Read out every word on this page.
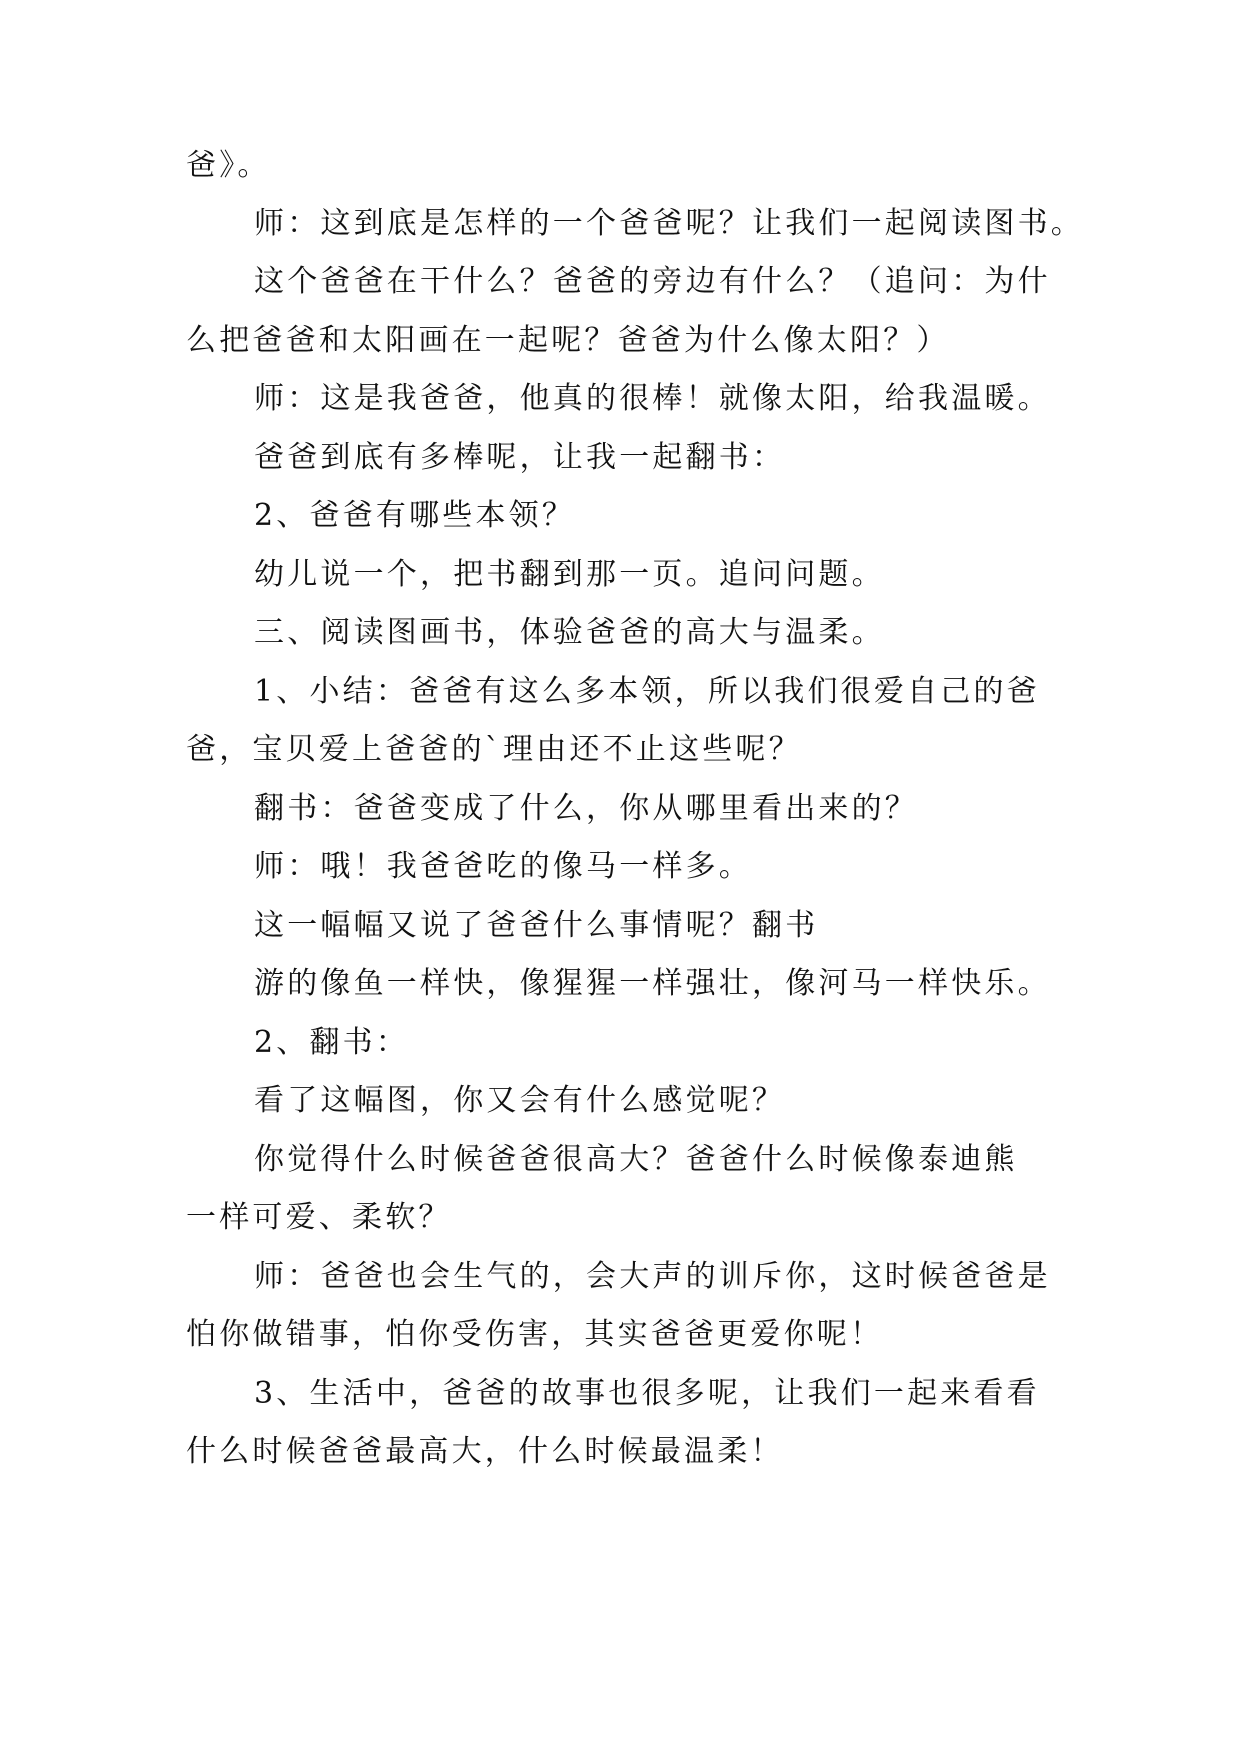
爸》。
师：这到底是怎样的一个爸爸呢？让我们一起阅读图书。
这个爸爸在干什么？爸爸的旁边有什么？（追问：为什
么把爸爸和太阳画在一起呢？爸爸为什么像太阳？）
师：这是我爸爸，他真的很棒！就像太阳，给我温暖。
爸爸到底有多棒呢，让我一起翻书：
2、爸爸有哪些本领？
幼儿说一个，把书翻到那一页。追问问题。
三、阅读图画书，体验爸爸的高大与温柔。
1、小结：爸爸有这么多本领，所以我们很爱自己的爸
爸，宝贝爱上爸爸的`理由还不止这些呢？
翻书：爸爸变成了什么，你从哪里看出来的？
师：哦！我爸爸吃的像马一样多。
这一幅幅又说了爸爸什么事情呢？翻书
游的像鱼一样快，像猩猩一样强壮，像河马一样快乐。
2、翻书：
看了这幅图，你又会有什么感觉呢？
你觉得什么时候爸爸很高大？爸爸什么时候像泰迪熊
一样可爱、柔软？
师：爸爸也会生气的，会大声的训斥你，这时候爸爸是
怕你做错事，怕你受伤害，其实爸爸更爱你呢！
3、生活中，爸爸的故事也很多呢，让我们一起来看看
什么时候爸爸最高大，什么时候最温柔！
